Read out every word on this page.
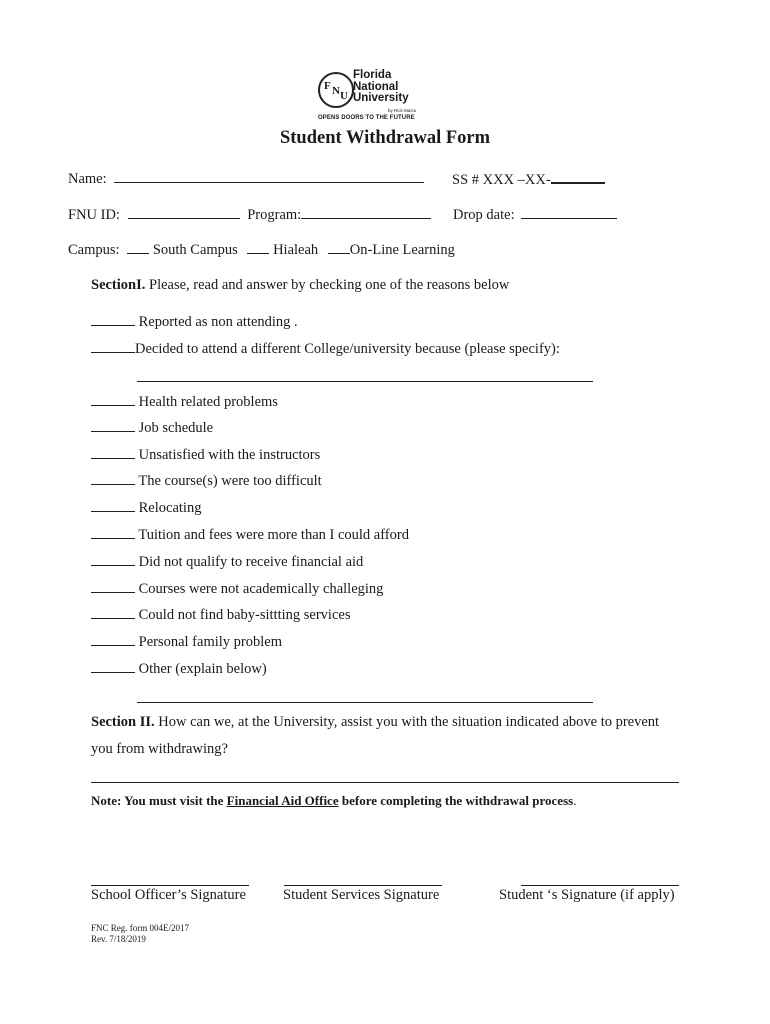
F N U
Florida
National
University
by Rick Mazur
OPENS DOORS TO THE FUTURE
Student Withdrawal Form
Name:	SS # XXX –XX-
FNU ID:	Program:	Drop date:
Campus: South Campus Hialeah On-Line Learning
SectionI. Please, read and answer by checking one of the reasons below
Reported as non attending .
Decided to attend a different College/university because (please specify):
Health related problems
Job schedule
Unsatisfied with the instructors
The course(s) were too difficult
Relocating
Tuition and fees were more than I could afford
Did not qualify to receive financial aid
Courses were not academically challeging
Could not find baby-sittting services
Personal family problem
Other (explain below)
Section II. How can we, at the University, assist you with the situation indicated above to prevent
you from withdrawing?
Note: You must visit the Financial Aid Office before completing the withdrawal process.
School Officer’s Signature	Student Services Signature	Student ‘s Signature (if apply)
FNC Reg. form 004E/2017
Rev. 7/18/2019
